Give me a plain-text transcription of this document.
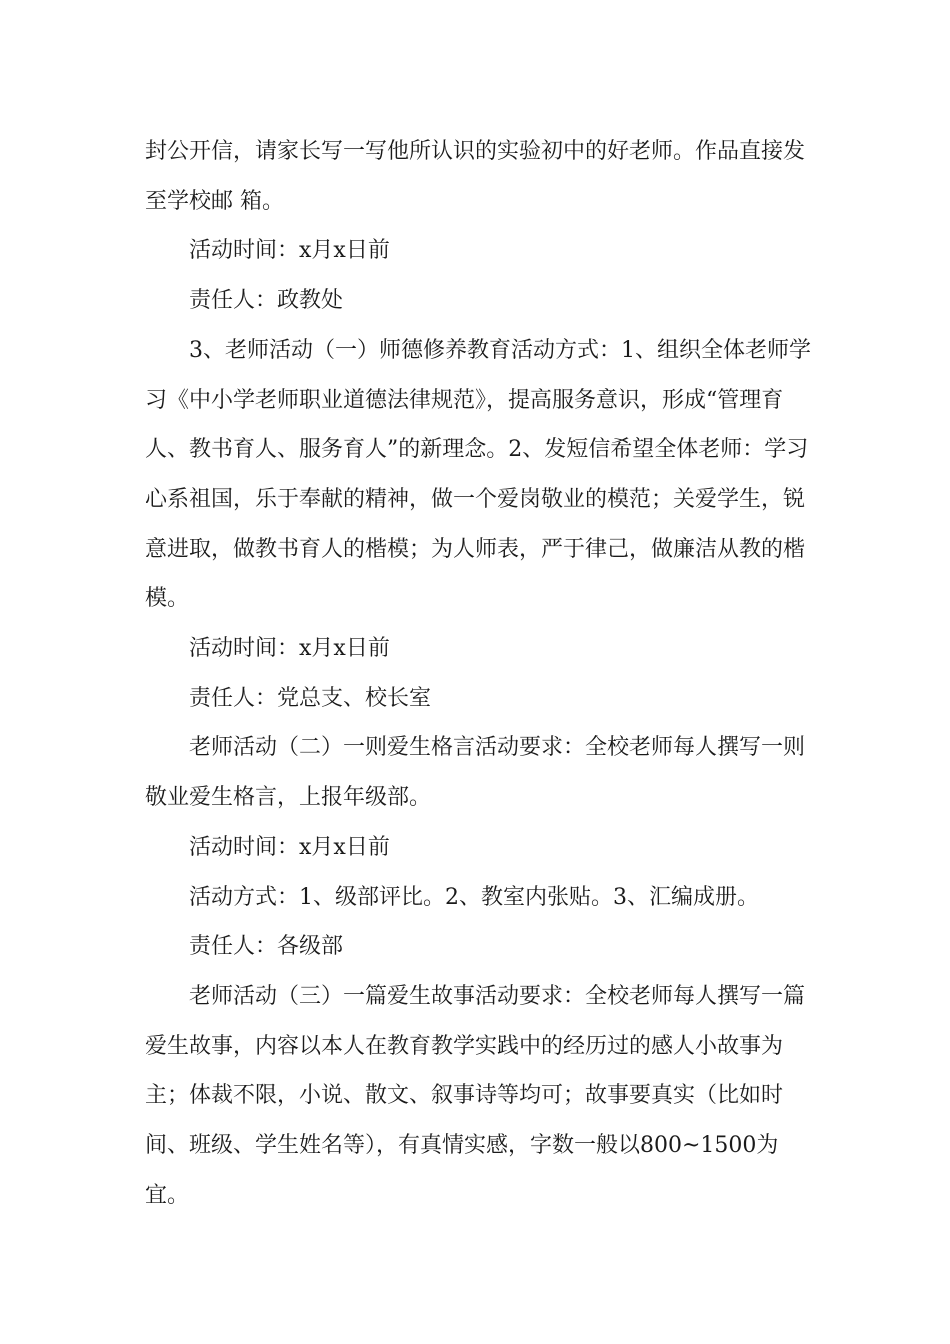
封公开信，请家长写一写他所认识的实验初中的好老师。作品直接发至学校邮 箱。

活动时间：x月x日前

责任人：政教处

3、老师活动（一）师德修养教育活动方式：1、组织全体老师学习《中小学老师职业道德法律规范》，提高服务意识，形成“管理育人、教书育人、服务育人”的新理念。2、发短信希望全体老师：学习心系祖国，乐于奉献的精神，做一个爱岗敬业的模范；关爱学生，锐意进取，做教书育人的楷模；为人师表，严于律己，做廉洁从教的楷模。

活动时间：x月x日前

责任人：党总支、校长室

老师活动（二）一则爱生格言活动要求：全校老师每人撰写一则敬业爱生格言，上报年级部。

活动时间：x月x日前

活动方式：1、级部评比。2、教室内张贴。3、汇编成册。

责任人：各级部

老师活动（三）一篇爱生故事活动要求：全校老师每人撰写一篇爱生故事，内容以本人在教育教学实践中的经历过的感人小故事为主；体裁不限，小说、散文、叙事诗等均可；故事要真实（比如时间、班级、学生姓名等），有真情实感，字数一般以800~1500为宜。
